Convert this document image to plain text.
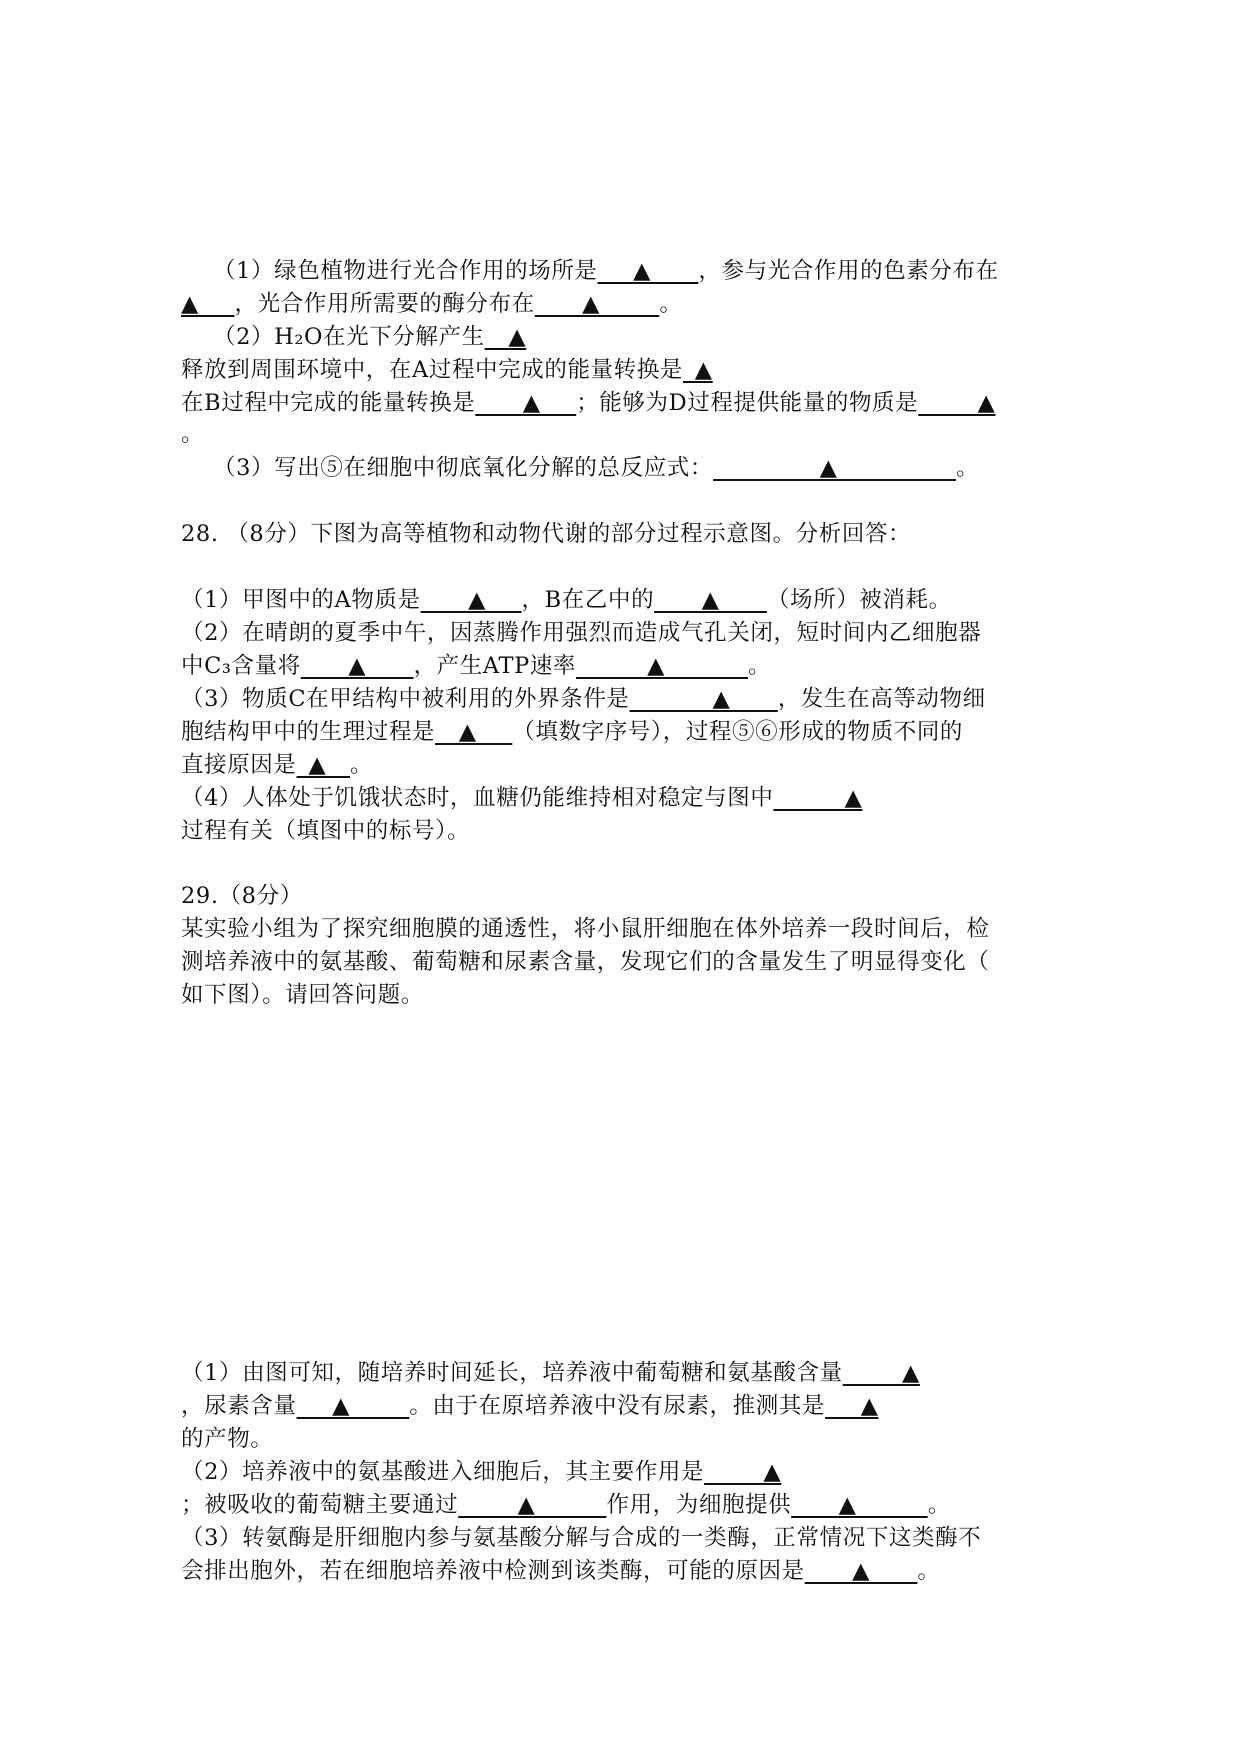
（1）绿色植物进行光合作用的场所是___▲____，参与光合作用的色素分布在
▲___，光合作用所需要的酶分布在____▲_____。
（2）H₂O在光下分解产生__▲
释放到周围环境中，在A过程中完成的能量转换是_▲
在B过程中完成的能量转换是____▲___；能够为D过程提供能量的物质是_____▲
。
（3）写出⑤在细胞中彻底氧化分解的总反应式：_________▲__________。
28. （8分）下图为高等植物和动物代谢的部分过程示意图。分析回答：
（1）甲图中的A物质是____▲___，B在乙中的____▲____（场所）被消耗。
（2）在晴朗的夏季中午，因蒸腾作用强烈而造成气孔关闭，短时间内乙细胞器
中C₃含量将____▲____，产生ATP速率______▲_______。
（3）物质C在甲结构中被利用的外界条件是_______▲____，发生在高等动物细
胞结构甲中的生理过程是__▲___（填数字序号），过程⑤⑥形成的物质不同的
直接原因是_▲__。
（4）人体处于饥饿状态时，血糖仍能维持相对稳定与图中______▲
过程有关（填图中的标号）。
29.（8分）
某实验小组为了探究细胞膜的通透性，将小鼠肝细胞在体外培养一段时间后，检
测培养液中的氨基酸、葡萄糖和尿素含量，发现它们的含量发生了明显得变化（
如下图）。请回答问题。
（1）由图可知，随培养时间延长，培养液中葡萄糖和氨基酸含量_____▲
，尿素含量___▲_____。由于在原培养液中没有尿素，推测其是___▲
的产物。
（2）培养液中的氨基酸进入细胞后，其主要作用是_____▲
；被吸收的葡萄糖主要通过_____▲______作用，为细胞提供____▲______。
（3）转氨酶是肝细胞内参与氨基酸分解与合成的一类酶，正常情况下这类酶不
会排出胞外，若在细胞培养液中检测到该类酶，可能的原因是____▲____。
